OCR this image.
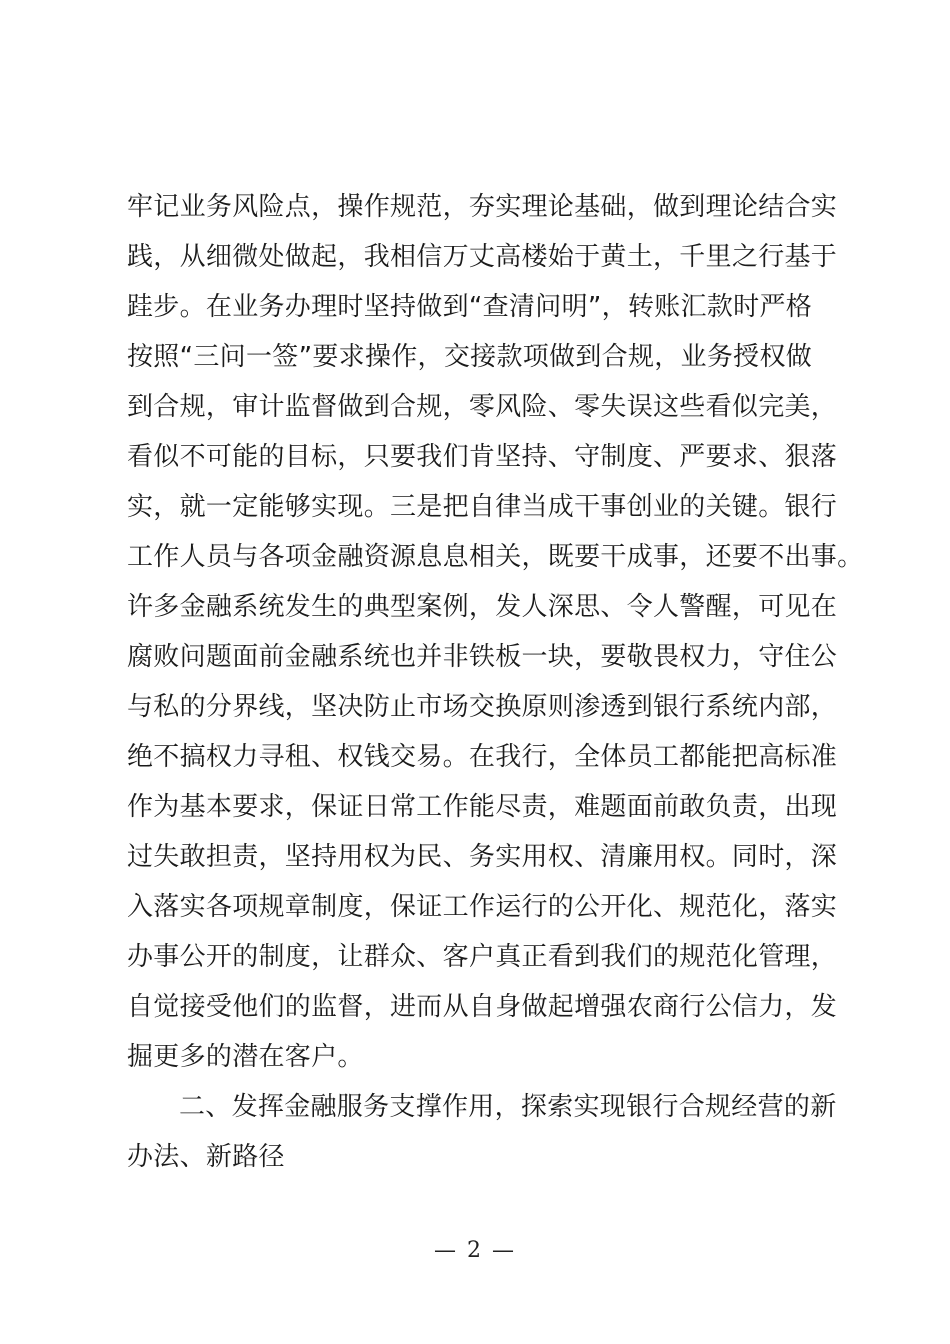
牢记业务风险点，操作规范，夯实理论基础，做到理论结合实
践，从细微处做起，我相信万丈高楼始于黄土，千里之行基于
跬步。在业务办理时坚持做到“查清问明”，转账汇款时严格
按照“三问一签”要求操作，交接款项做到合规，业务授权做
到合规，审计监督做到合规，零风险、零失误这些看似完美，
看似不可能的目标，只要我们肯坚持、守制度、严要求、狠落
实，就一定能够实现。三是把自律当成干事创业的关键。银行
工作人员与各项金融资源息息相关，既要干成事，还要不出事。
许多金融系统发生的典型案例，发人深思、令人警醒，可见在
腐败问题面前金融系统也并非铁板一块，要敬畏权力，守住公
与私的分界线，坚决防止市场交换原则渗透到银行系统内部，
绝不搞权力寻租、权钱交易。在我行，全体员工都能把高标准
作为基本要求，保证日常工作能尽责，难题面前敢负责，出现
过失敢担责，坚持用权为民、务实用权、清廉用权。同时，深
入落实各项规章制度，保证工作运行的公开化、规范化，落实
办事公开的制度，让群众、客户真正看到我们的规范化管理，
自觉接受他们的监督，进而从自身做起增强农商行公信力，发
掘更多的潜在客户。
二、发挥金融服务支撑作用，探索实现银行合规经营的新
办法、新路径
— 2 —
